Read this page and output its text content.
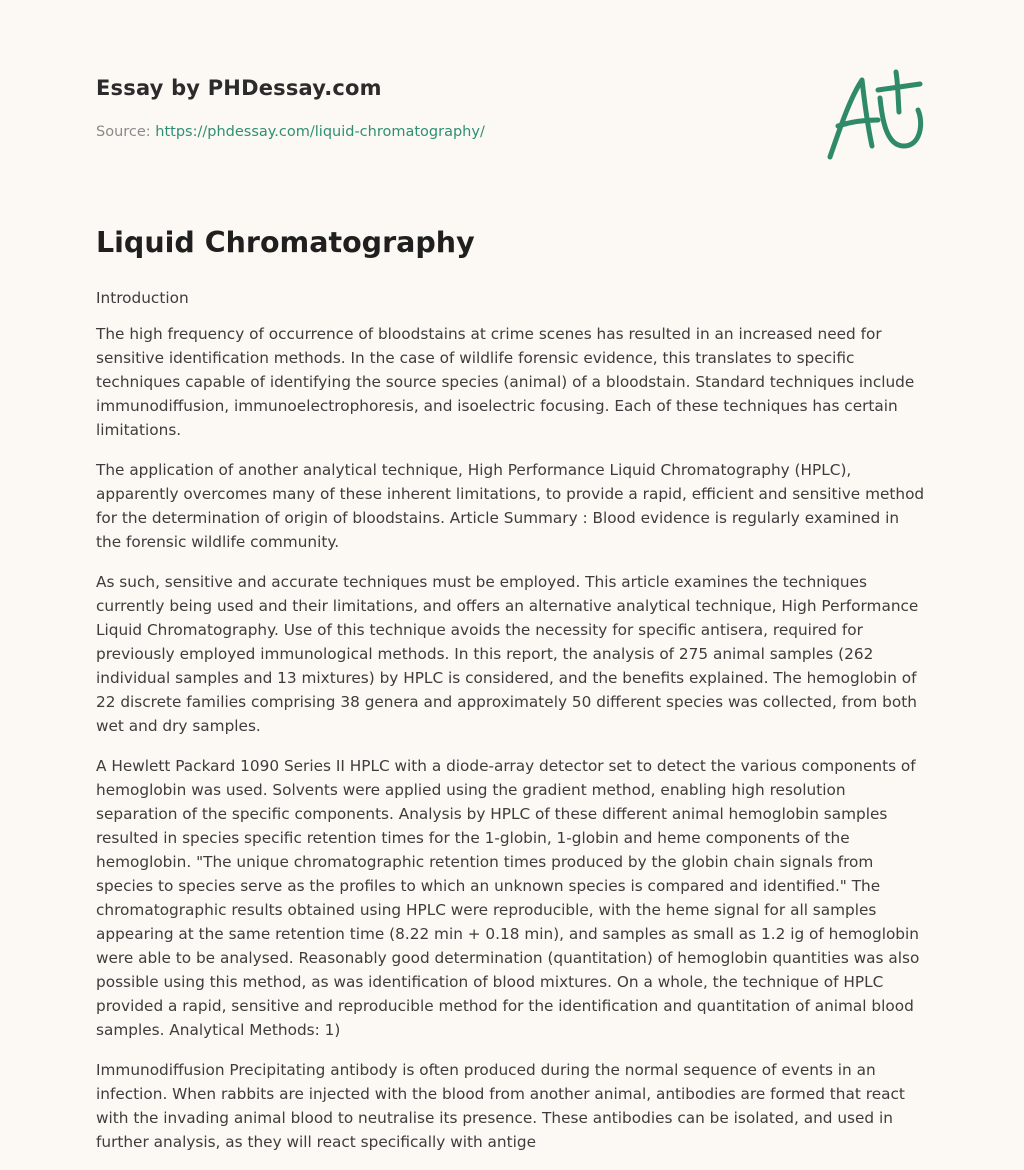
Essay by PHDessay.com
Source: https://phdessay.com/liquid-chromatography/
Liquid Chromatography

Introduction

The high frequency of occurrence of bloodstains at crime scenes has resulted in an increased need for sensitive identification methods. In the case of wildlife forensic evidence, this translates to specific techniques capable of identifying the source species (animal) of a bloodstain. Standard techniques include immunodiffusion, immunoelectrophoresis, and isoelectric focusing. Each of these techniques has certain limitations.

The application of another analytical technique, High Performance Liquid Chromatography (HPLC), apparently overcomes many of these inherent limitations, to provide a rapid, efficient and sensitive method for the determination of origin of bloodstains. Article Summary : Blood evidence is regularly examined in the forensic wildlife community.

As such, sensitive and accurate techniques must be employed. This article examines the techniques currently being used and their limitations, and offers an alternative analytical technique, High Performance Liquid Chromatography. Use of this technique avoids the necessity for specific antisera, required for previously employed immunological methods. In this report, the analysis of 275 animal samples (262 individual samples and 13 mixtures) by HPLC is considered, and the benefits explained. The hemoglobin of 22 discrete families comprising 38 genera and approximately 50 different species was collected, from both wet and dry samples.

A Hewlett Packard 1090 Series II HPLC with a diode-array detector set to detect the various components of hemoglobin was used. Solvents were applied using the gradient method, enabling high resolution separation of the specific components. Analysis by HPLC of these different animal hemoglobin samples resulted in species specific retention times for the 1-globin, 1-globin and heme components of the hemoglobin. "The unique chromatographic retention times produced by the globin chain signals from species to species serve as the profiles to which an unknown species is compared and identified." The chromatographic results obtained using HPLC were reproducible, with the heme signal for all samples appearing at the same retention time (8.22 min + 0.18 min), and samples as small as 1.2 ig of hemoglobin were able to be analysed. Reasonably good determination (quantitation) of hemoglobin quantities was also possible using this method, as was identification of blood mixtures. On a whole, the technique of HPLC provided a rapid, sensitive and reproducible method for the identification and quantitation of animal blood samples. Analytical Methods: 1)

Immunodiffusion Precipitating antibody is often produced during the normal sequence of events in an infection. When rabbits are injected with the blood from another animal, antibodies are formed that react with the invading animal blood to neutralise its presence. These antibodies can be isolated, and used in further analysis, as they will react specifically with antige
